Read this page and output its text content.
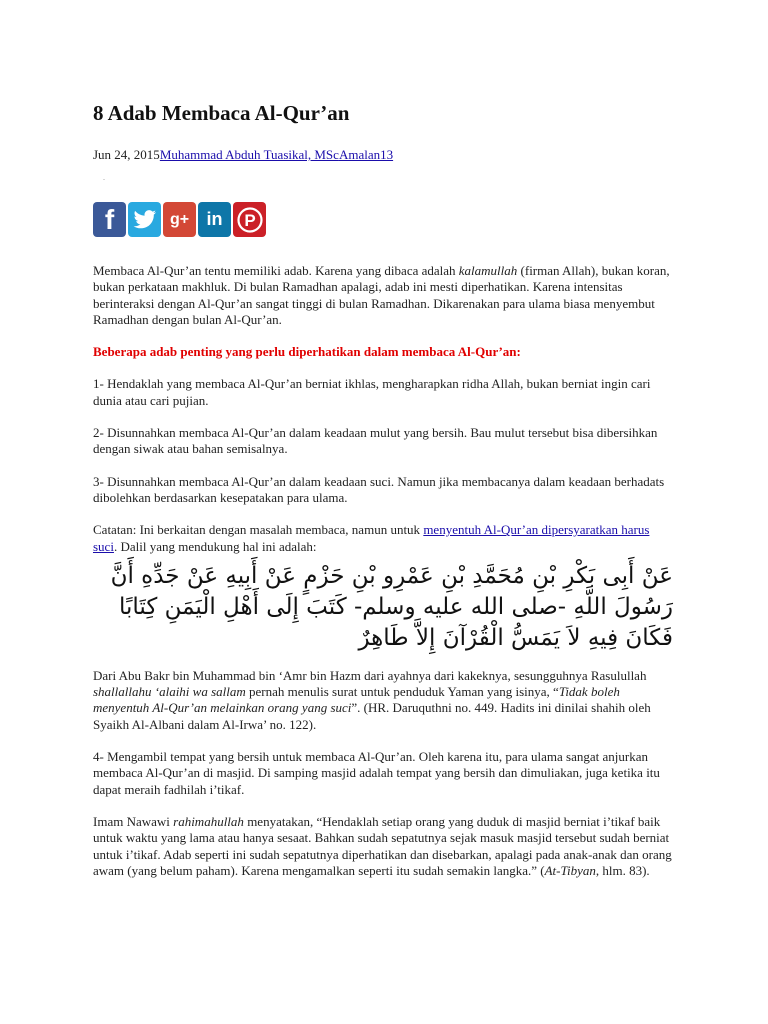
8 Adab Membaca Al-Qur’an
Jun 24, 2015Muhammad Abduh Tuasikal, MScAmalan13
.
f	g+ in P

Membaca Al-Qur’an tentu memiliki adab. Karena yang dibaca adalah kalamullah (firman Allah), bukan koran, bukan perkataan makhluk. Di bulan Ramadhan apalagi, adab ini mesti diperhatikan. Karena intensitas berinteraksi dengan Al-Qur’an sangat tinggi di bulan Ramadhan. Dikarenakan para ulama biasa menyembut Ramadhan dengan bulan Al-Qur’an.

Beberapa adab penting yang perlu diperhatikan dalam membaca Al-Qur’an:

1- Hendaklah yang membaca Al-Qur’an berniat ikhlas, mengharapkan ridha Allah, bukan berniat ingin cari dunia atau cari pujian.

2- Disunnahkan membaca Al-Qur’an dalam keadaan mulut yang bersih. Bau mulut tersebut bisa dibersihkan dengan siwak atau bahan semisalnya.

3- Disunnahkan membaca Al-Qur’an dalam keadaan suci. Namun jika membacanya dalam keadaan berhadats dibolehkan berdasarkan kesepatakan para ulama.

Catatan: Ini berkaitan dengan masalah membaca, namun untuk menyentuh Al-Qur’an dipersyaratkan harus suci. Dalil yang mendukung hal ini adalah:

عَنْ أَبِى بَكْرِ بْنِ مُحَمَّدِ بْنِ عَمْرِو بْنِ حَزْمٍ عَنْ أَبِيهِ عَنْ جَدِّهِ أَنَّ رَسُولَ اللَّهِ -صلى الله عليه وسلم- كَتَبَ إِلَى أَهْلِ الْيَمَنِ كِتَابًا فَكَانَ فِيهِ لاَ يَمَسُّ الْقُرْآنَ إِلاَّ طَاهِرٌ

Dari Abu Bakr bin Muhammad bin ‘Amr bin Hazm dari ayahnya dari kakeknya, sesungguhnya Rasulullah shallallahu ‘alaihi wa sallam pernah menulis surat untuk penduduk Yaman yang isinya, “Tidak boleh menyentuh Al-Qur’an melainkan orang yang suci”. (HR. Daruquthni no. 449. Hadits ini dinilai shahih oleh Syaikh Al-Albani dalam Al-Irwa’ no. 122).

4- Mengambil tempat yang bersih untuk membaca Al-Qur’an. Oleh karena itu, para ulama sangat anjurkan membaca Al-Qur’an di masjid. Di samping masjid adalah tempat yang bersih dan dimuliakan, juga ketika itu dapat meraih fadhilah i’tikaf.

Imam Nawawi rahimahullah menyatakan, “Hendaklah setiap orang yang duduk di masjid berniat i’tikaf baik untuk waktu yang lama atau hanya sesaat. Bahkan sudah sepatutnya sejak masuk masjid tersebut sudah berniat untuk i’tikaf. Adab seperti ini sudah sepatutnya diperhatikan dan disebarkan, apalagi pada anak-anak dan orang awam (yang belum paham). Karena mengamalkan seperti itu sudah semakin langka.” (At-Tibyan, hlm. 83).
